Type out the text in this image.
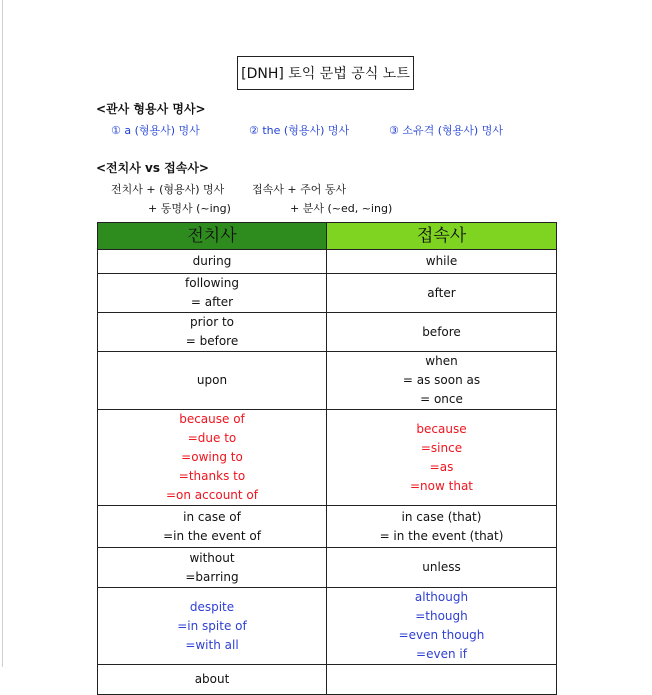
[DNH] 토익 문법 공식 노트
<관사 형용사 명사>
① a (형용사) 명사	② the (형용사) 명사	③ 소유격 (형용사) 명사
<전치사 vs 접속사>
전치사 + (형용사) 명사
+ 동명사 (~ing)
접속사 + 주어 동사
+ 분사 (~ed, ~ing)
전치사	접속사

during	while

following
= after	after

prior to
= before	before

upon	when
= as soon as
= once

because of
=due to
=owing to
=thanks to
=on account of	because
=since
=as
=now that

in case of
=in the event of	in case (that)
= in the event (that)

without
=barring	unless

despite
=in spite of
=with all	although
=though
=even though
=even if

about	
